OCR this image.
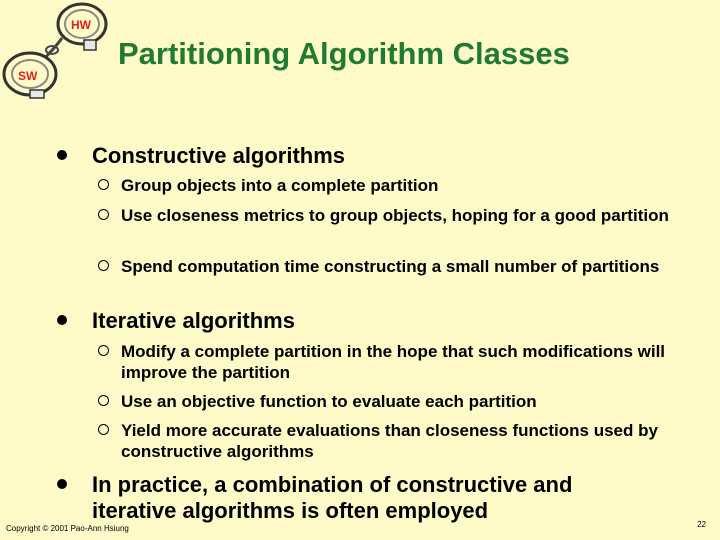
HW
SW
Partitioning Algorithm Classes
Constructive algorithms
Group objects into a complete partition
Use closeness metrics to group objects, hoping for a good partition
Spend computation time constructing a small number of partitions
Iterative algorithms
Modify a complete partition in the hope that such modifications will improve the partition
Use an objective function to evaluate each partition
Yield more accurate evaluations than closeness functions used by constructive algorithms
In practice, a combination of constructive and iterative algorithms is often employed
Copyright © 2001 Pao-Ann Hsiung	22
